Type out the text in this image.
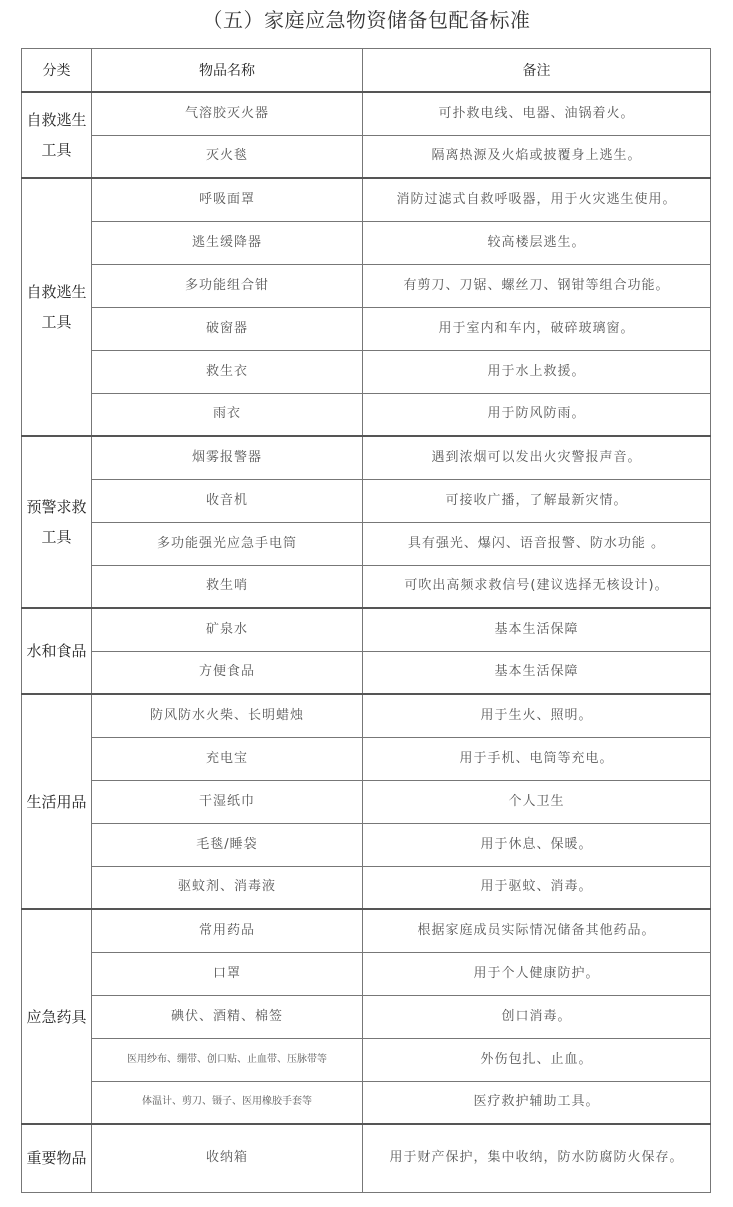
（五）家庭应急物资储备包配备标准
分类	物品名称	备注
自救逃生工具	气溶胶灭火器	可扑救电线、电器、油锅着火。
	灭火毯	隔离热源及火焰或披覆身上逃生。
自救逃生工具	呼吸面罩	消防过滤式自救呼吸器，用于火灾逃生使用。
	逃生缓降器	较高楼层逃生。
	多功能组合钳	有剪刀、刀锯、螺丝刀、钢钳等组合功能。
	破窗器	用于室内和车内，破碎玻璃窗。
	救生衣	用于水上救援。
	雨衣	用于防风防雨。
预警求救工具	烟雾报警器	遇到浓烟可以发出火灾警报声音。
	收音机	可接收广播，了解最新灾情。
	多功能强光应急手电筒	具有强光、爆闪、语音报警、防水功能 。
	救生哨	可吹出高频求救信号(建议选择无核设计)。
水和食品	矿泉水	基本生活保障
	方便食品	基本生活保障
生活用品	防风防水火柴、长明蜡烛	用于生火、照明。
	充电宝	用于手机、电筒等充电。
	干湿纸巾	个人卫生
	毛毯/睡袋	用于休息、保暖。
	驱蚊剂、消毒液	用于驱蚊、消毒。
应急药具	常用药品	根据家庭成员实际情况储备其他药品。
	口罩	用于个人健康防护。
	碘伏、酒精、棉签	创口消毒。
	医用纱布、绷带、创口贴、止血带、压脉带等	外伤包扎、止血。
	体温计、剪刀、镊子、医用橡胶手套等	医疗救护辅助工具。
重要物品	收纳箱	用于财产保护，集中收纳，防水防腐防火保存。
